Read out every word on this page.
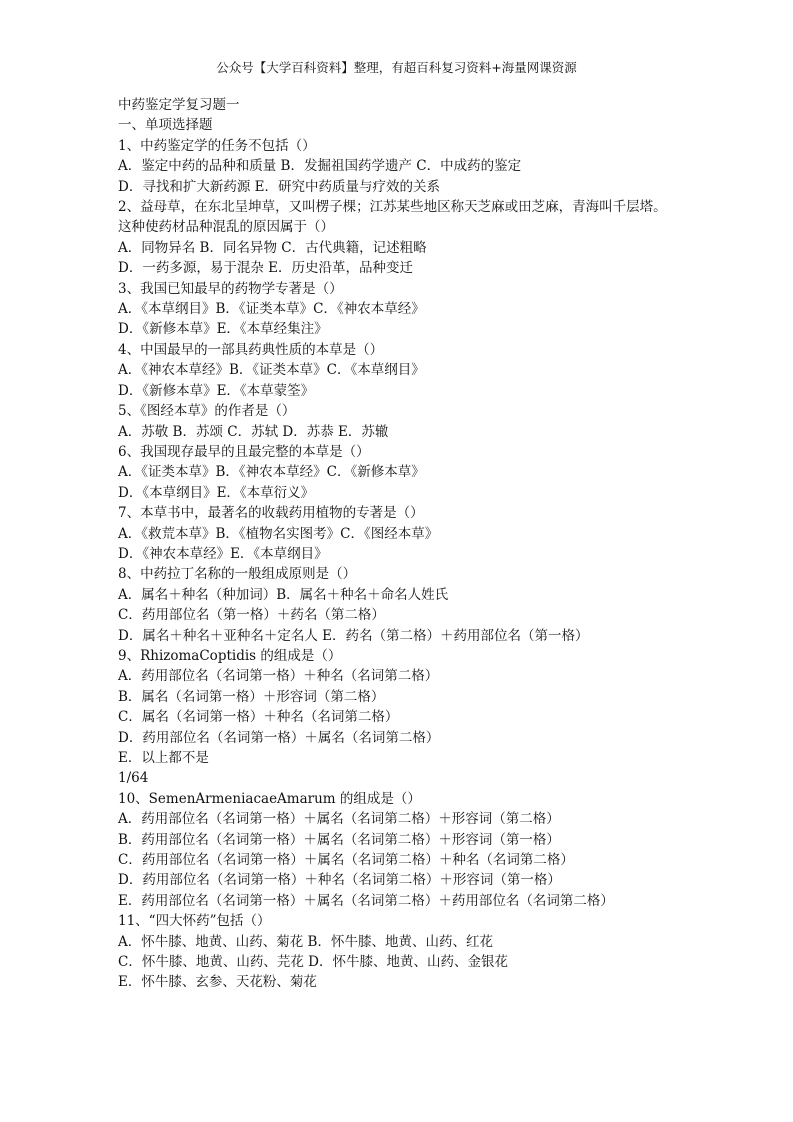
公众号【大学百科资料】整理，有超百科复习资料+海量网课资源
中药鉴定学复习题一
一、单项选择题
1、中药鉴定学的任务不包括（）
A．鉴定中药的品种和质量 B．发掘祖国药学遗产 C．中成药的鉴定
D．寻找和扩大新药源 E．研究中药质量与疗效的关系
2、益母草，在东北呈坤草，又叫楞子棵；江苏某些地区称天芝麻或田芝麻，青海叫千层塔。
这种使药材品种混乱的原因属于（）
A．同物异名 B．同名异物 C．古代典籍，记述粗略
D．一药多源，易于混杂 E．历史沿革，品种变迁
3、我国已知最早的药物学专著是（）
A．《本草纲目》B．《证类本草》C．《神农本草经》
D．《新修本草》E．《本草经集注》
4、中国最早的一部具药典性质的本草是（）
A．《神农本草经》B．《证类本草》C．《本草纲目》
D．《新修本草》E．《本草蒙筌》
5、《图经本草》的作者是（）
A．苏敬 B．苏颂 C．苏轼 D．苏恭 E．苏辙
6、我国现存最早的且最完整的本草是（）
A．《证类本草》B．《神农本草经》C．《新修本草》
D．《本草纲目》E．《本草衍义》
7、本草书中，最著名的收载药用植物的专著是（）
A．《救荒本草》B．《植物名实图考》C．《图经本草》
D．《神农本草经》E．《本草纲目》
8、中药拉丁名称的一般组成原则是（）
A．属名＋种名（种加词）B．属名＋种名＋命名人姓氏
C．药用部位名（第一格）＋药名（第二格）
D．属名＋种名＋亚种名＋定名人 E．药名（第二格）＋药用部位名（第一格）
9、RhizomaCoptidis 的组成是（）
A．药用部位名（名词第一格）＋种名（名词第二格）
B．属名（名词第一格）＋形容词（第二格）
C．属名（名词第一格）＋种名（名词第二格）
D．药用部位名（名词第一格）＋属名（名词第二格）
E．以上都不是
1/64
10、SemenArmeniacaeAmarum 的组成是（）
A．药用部位名（名词第一格）＋属名（名词第二格）＋形容词（第二格）
B．药用部位名（名词第一格）＋属名（名词第二格）＋形容词（第一格）
C．药用部位名（名词第一格）＋属名（名词第二格）＋种名（名词第二格）
D．药用部位名（名词第一格）＋种名（名词第二格）＋形容词（第一格）
E．药用部位名（名词第一格）＋属名（名词第二格）＋药用部位名（名词第二格）
11、“四大怀药”包括（）
A．怀牛膝、地黄、山药、菊花 B．怀牛膝、地黄、山药、红花
C．怀牛膝、地黄、山药、芫花 D．怀牛膝、地黄、山药、金银花
E．怀牛膝、玄参、天花粉、菊花
